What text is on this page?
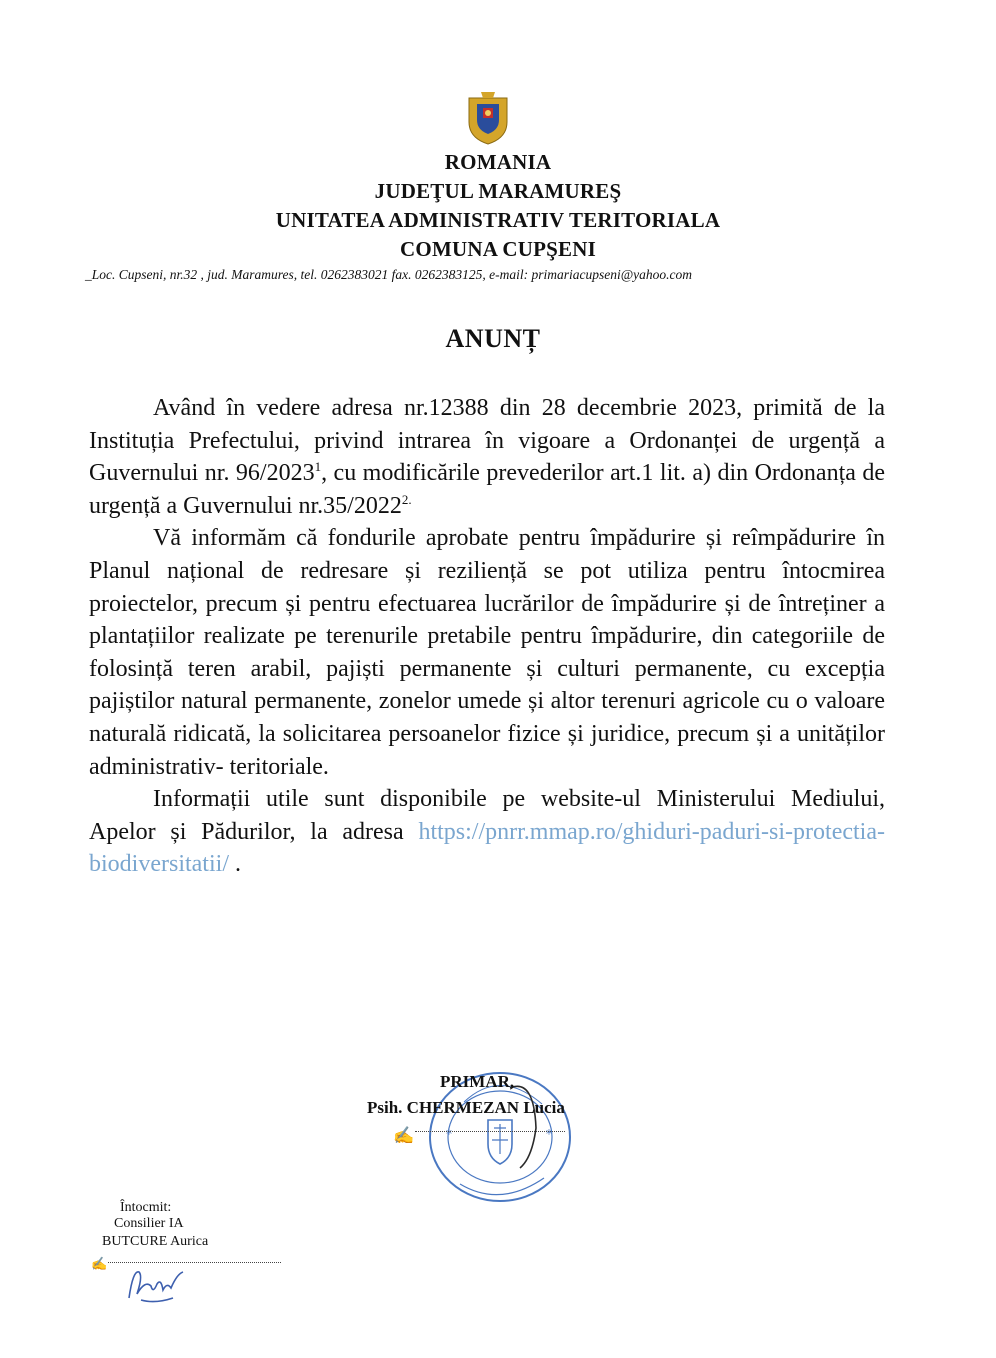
ROMANIA
JUDEŢUL MARAMUREŞ
UNITATEA ADMINISTRATIV TERITORIALA
COMUNA CUPŞENI
_Loc. Cupseni, nr.32 , jud. Maramures, tel. 0262383021 fax. 0262383125, e-mail: primariacupseni@yahoo.com
ANUNȚ

Având în vedere adresa nr.12388 din 28 decembrie 2023, primită de la Instituția Prefectului, privind intrarea în vigoare a Ordonanței de urgență a Guvernului nr. 96/2023$^1$, cu modificările prevederilor art.1 lit. a) din Ordonanța de urgență a Guvernului $nr.35/2022^{2.}$

Vă informăm că fondurile aprobate pentru împădurire și reîmpădurire în Planul național de redresare și reziliență se pot utiliza pentru întocmirea proiectelor, precum și pentru efectuarea lucrărilor de împădurire și de întreținer a plantațiilor realizate pe terenurile pretabile pentru împădurire, din categoriile de folosință teren arabil, pajiști permanente și culturi permanente, cu excepția pajiștilor natural permanente, zonelor umede și altor terenuri agricole cu o valoare naturală ridicată, la solicitarea persoanelor fizice și juridice, precum și a unităților administrativ- teritoriale.

Informații utile sunt disponibile pe website-ul Ministerului Mediului, Apelor și Pădurilor, la adresa https://pnrr.mmap.ro/ghiduri-paduri-si-protectia-biodiversitatii/ .

*	*
PRIMAR,
Psih. CHERMEZAN Lucia
✍
Întocmit:
Consilier IA
BUTCURE Aurica
✍
